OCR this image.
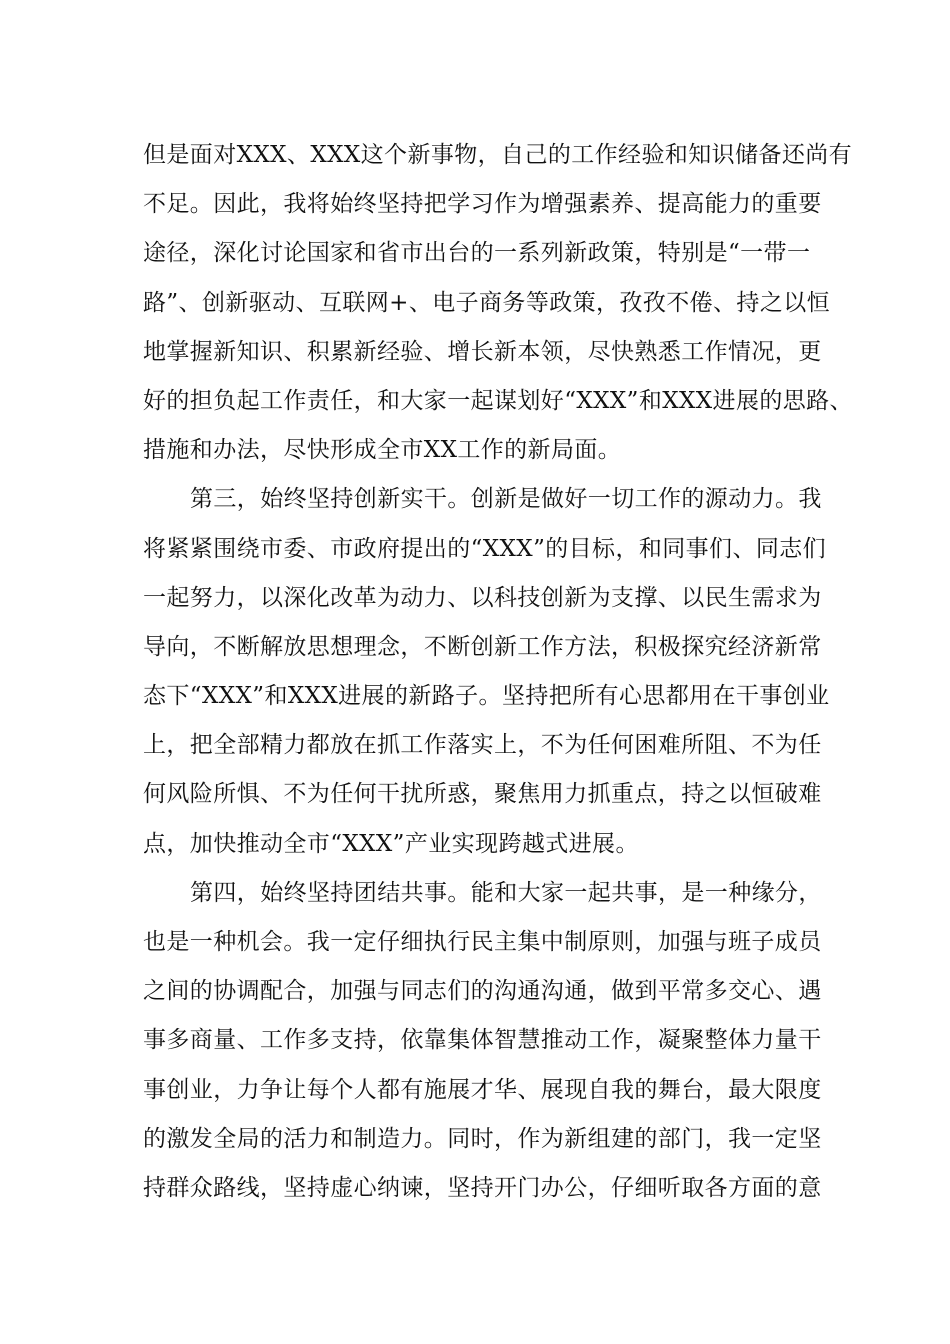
但是面对XXX、XXX这个新事物，自己的工作经验和知识储备还尚有
不足。因此，我将始终坚持把学习作为增强素养、提高能力的重要
途径，深化讨论国家和省市出台的一系列新政策，特别是“一带一
路”、创新驱动、互联网+、电子商务等政策，孜孜不倦、持之以恒
地掌握新知识、积累新经验、增长新本领，尽快熟悉工作情况，更
好的担负起工作责任，和大家一起谋划好“XXX”和XXX进展的思路、
措施和办法，尽快形成全市XX工作的新局面。
第三，始终坚持创新实干。创新是做好一切工作的源动力。我
将紧紧围绕市委、市政府提出的“XXX”的目标，和同事们、同志们
一起努力，以深化改革为动力、以科技创新为支撑、以民生需求为
导向，不断解放思想理念，不断创新工作方法，积极探究经济新常
态下“XXX”和XXX进展的新路子。坚持把所有心思都用在干事创业
上，把全部精力都放在抓工作落实上，不为任何困难所阻、不为任
何风险所惧、不为任何干扰所惑，聚焦用力抓重点，持之以恒破难
点，加快推动全市“XXX”产业实现跨越式进展。
第四，始终坚持团结共事。能和大家一起共事，是一种缘分，
也是一种机会。我一定仔细执行民主集中制原则，加强与班子成员
之间的协调配合，加强与同志们的沟通沟通，做到平常多交心、遇
事多商量、工作多支持，依靠集体智慧推动工作，凝聚整体力量干
事创业，力争让每个人都有施展才华、展现自我的舞台，最大限度
的激发全局的活力和制造力。同时，作为新组建的部门，我一定坚
持群众路线，坚持虚心纳谏，坚持开门办公，仔细听取各方面的意
